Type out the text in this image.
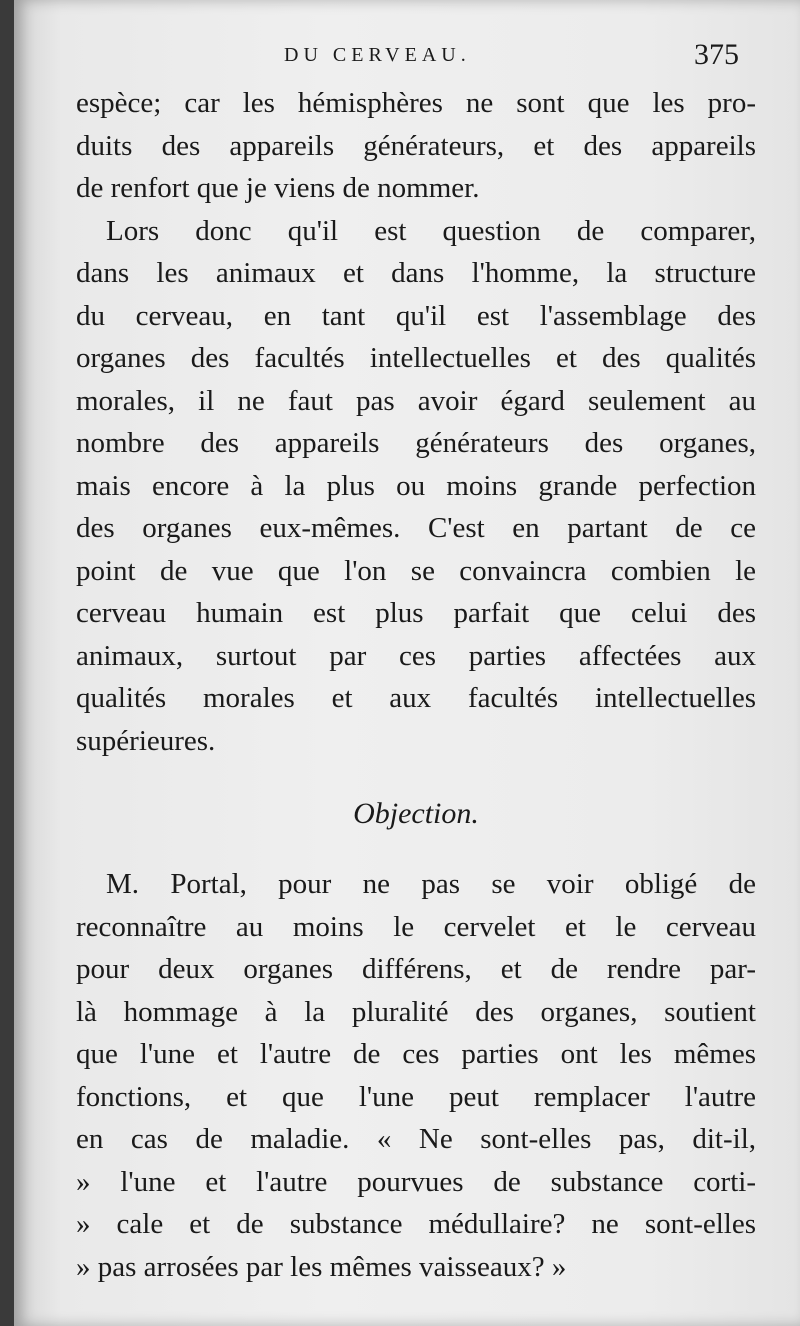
DU CERVEAU.	375
espèce; car les hémisphères ne sont que les pro-
duits des appareils générateurs, et des appareils
de renfort que je viens de nommer.
Lors donc qu'il est question de comparer,
dans les animaux et dans l'homme, la structure
du cerveau, en tant qu'il est l'assemblage des
organes des facultés intellectuelles et des qualités
morales, il ne faut pas avoir égard seulement au
nombre des appareils générateurs des organes,
mais encore à la plus ou moins grande perfection
des organes eux-mêmes. C'est en partant de ce
point de vue que l'on se convaincra combien le
cerveau humain est plus parfait que celui des
animaux, surtout par ces parties affectées aux
qualités morales et aux facultés intellectuelles
supérieures.
Objection.
M. Portal, pour ne pas se voir obligé de
reconnaître au moins le cervelet et le cerveau
pour deux organes différens, et de rendre par-
là hommage à la pluralité des organes, soutient
que l'une et l'autre de ces parties ont les mêmes
fonctions, et que l'une peut remplacer l'autre
en cas de maladie. « Ne sont-elles pas, dit-il,
» l'une et l'autre pourvues de substance corti-
» cale et de substance médullaire? ne sont-elles
» pas arrosées par les mêmes vaisseaux? »
